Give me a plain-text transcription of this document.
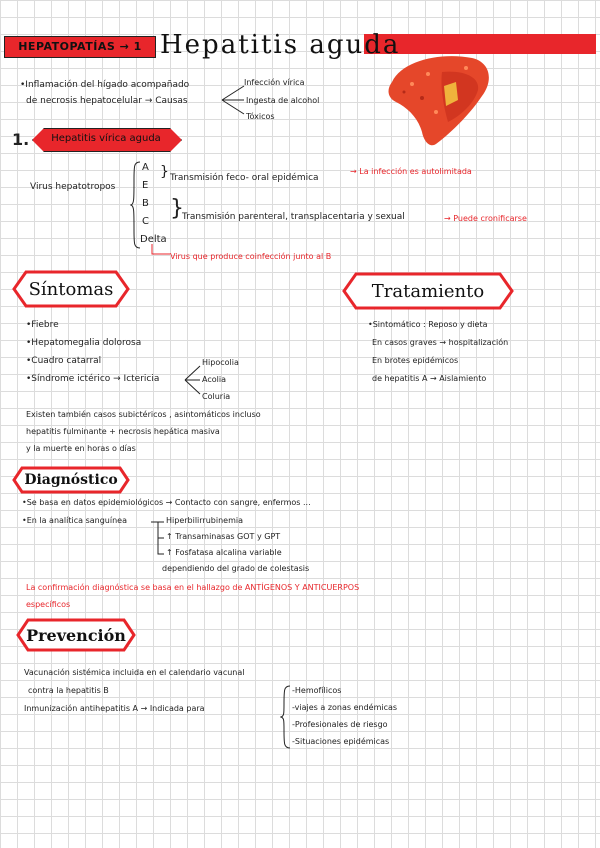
HEPATOPATÍAS → 1 Hepatitis aguda
•Inflamación del hígado acompañado
de necrosis hepatocelular → Causas
Infección vírica
Ingesta de alcohol
Tóxicos
1.	Hepatitis vírica aguda
Virus hepatotropos
A
E
B
C
Delta
} Transmisión feco- oral epidémica
→ La infección es autolimitada
}
Transmisión parenteral, transplacentaria y sexual	→ Puede cronificarse
Virus que produce coinfección junto al B
Síntomas
•Fiebre
•Hepatomegalia dolorosa
•Cuadro catarral
•Síndrome ictérico → Ictericia
Hipocolia
Acolia
Coluria
Existen también casos subictéricos , asintomáticos incluso
hepatitis fulminante + necrosis hepática masiva
y la muerte en horas o días
Tratamiento
•Sintomático : Reposo y dieta
En casos graves → hospitalización
En brotes epidémicos
de hepatitis A → Aislamiento
Diagnóstico
•Se basa en datos epidemiológicos → Contacto con sangre, enfermos ...
•En la analítica sanguínea	Hiperbilirrubinemia
↑ Transaminasas GOT y GPT
↑ Fosfatasa alcalina variable
dependiendo del grado de colestasis
La confirmación diagnóstica se basa en el hallazgo de ANTÍGENOS Y ANTICUERPOS
específicos
Prevención
Vacunación sistémica incluida en el calendario vacunal
contra la hepatitis B
Inmunización antihepatitis A → Indicada para
-Hemofílicos
-viajes a zonas endémicas
-Profesionales de riesgo
-Situaciones epidémicas
